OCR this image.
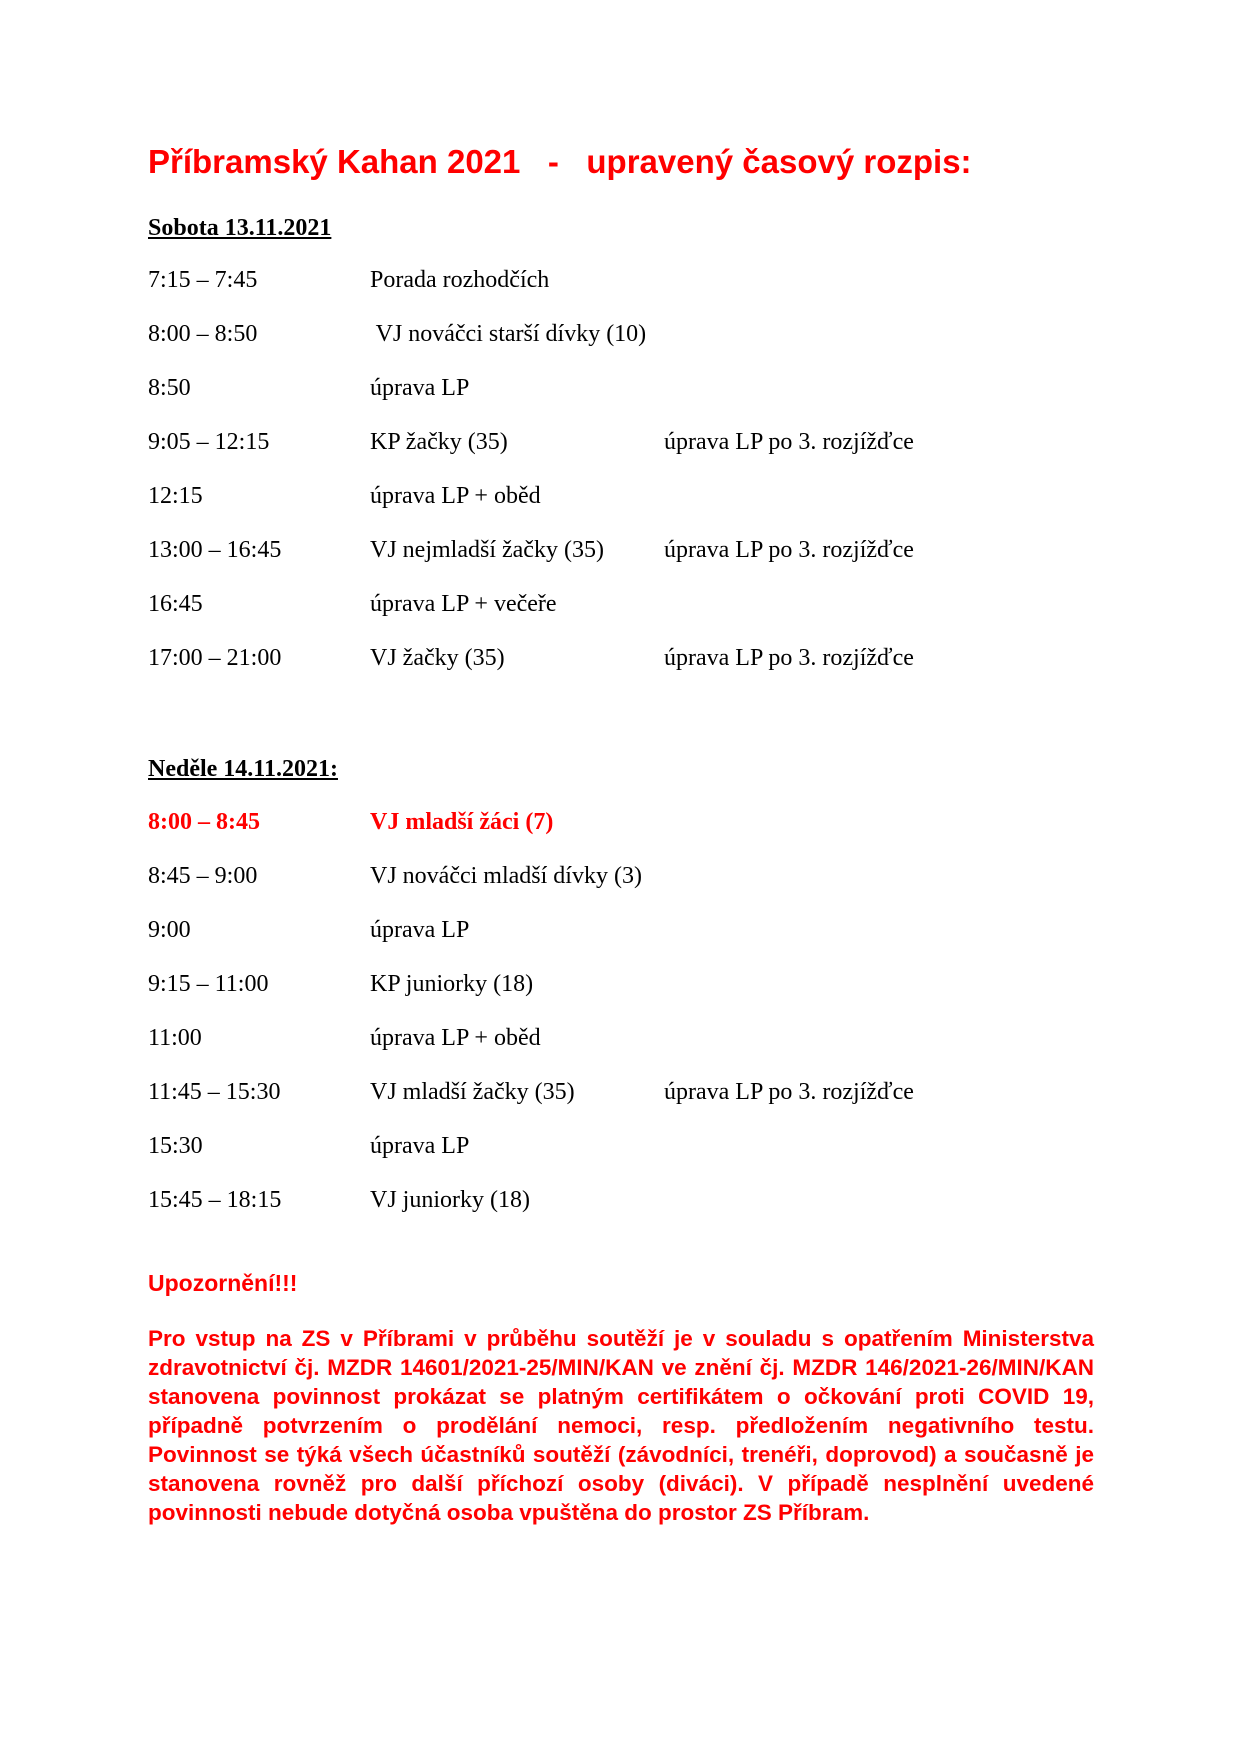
Příbramský Kahan 2021   -   upravený časový rozpis:
Sobota 13.11.2021
7:15 – 7:45	Porada rozhodčích
8:00 – 8:50	VJ nováčci starší dívky (10)
8:50	úprava LP
9:05 – 12:15	KP žačky (35)	úprava LP po 3. rozjížďce
12:15	úprava LP + oběd
13:00 – 16:45	VJ nejmladší žačky (35)	úprava LP po 3. rozjížďce
16:45	úprava LP + večeře
17:00 – 21:00	VJ žačky (35)	úprava LP po 3. rozjížďce
Neděle 14.11.2021:
8:00 – 8:45	VJ mladší žáci (7)
8:45 – 9:00	VJ nováčci mladší dívky (3)
9:00	úprava LP
9:15 – 11:00	KP juniorky (18)
11:00	úprava LP + oběd
11:45 – 15:30	VJ mladší žačky (35)	úprava LP po 3. rozjížďce
15:30	úprava LP
15:45 – 18:15	VJ juniorky (18)
Upozornění!!!
Pro vstup na ZS v Příbrami v průběhu soutěží je v souladu s opatřením Ministerstva zdravotnictví čj. MZDR 14601/2021-25/MIN/KAN ve znění čj. MZDR 146/2021-26/MIN/KAN stanovena povinnost prokázat se platným certifikátem o očkování proti COVID 19, případně potvrzením o prodělání nemoci, resp. předložením negativního testu. Povinnost se týká všech účastníků soutěží (závodníci, trenéři, doprovod) a současně je stanovena rovněž pro další příchozí osoby (diváci). V případě nesplnění uvedené povinnosti nebude dotyčná osoba vpuštěna do prostor ZS Příbram.
